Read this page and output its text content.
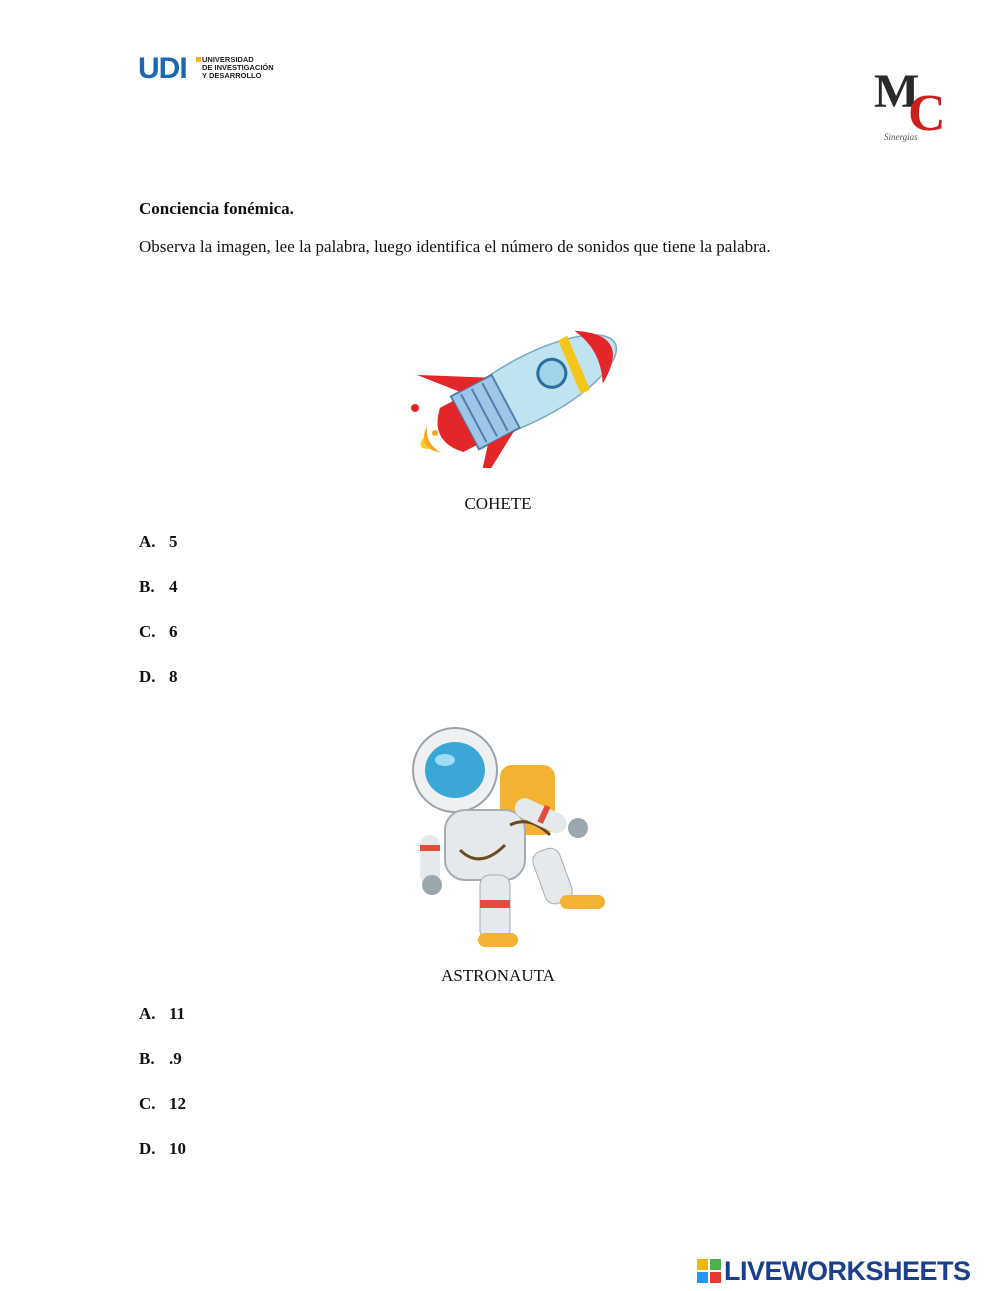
UDI UNIVERSIDAD
DE INVESTIGACIÓN
Y DESARROLLO	M
C
Sinergias
Conciencia fonémica.
Observa la imagen, lee la palabra, luego identifica el número de sonidos que tiene la palabra.
COHETE
A. 5
B. 4
C. 6
D. 8
ASTRONAUTA
A. 11
B. .9
C. 12
D. 10
LIVEWORKSHEETS
